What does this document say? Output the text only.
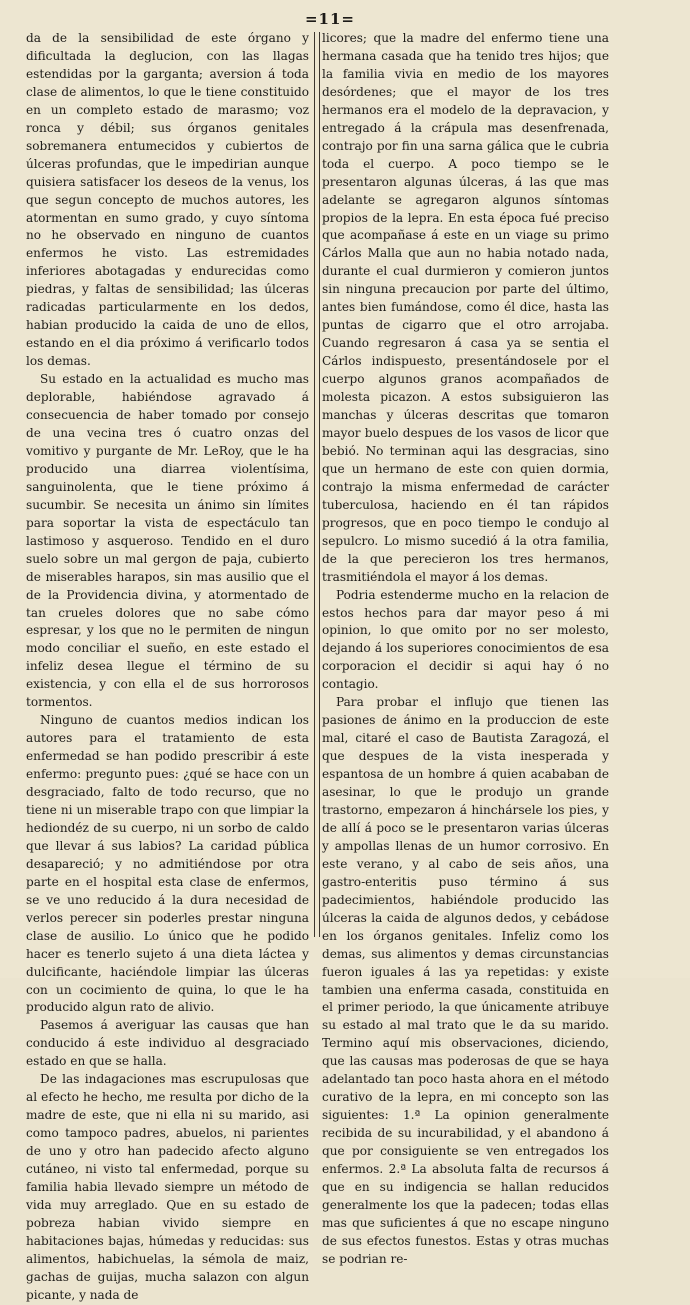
=11=

da de la sensibilidad de este órgano y dificultada la deglucion, con las llagas estendidas por la garganta; aversion á toda clase de alimentos, lo que le tiene constituido en un completo estado de marasmo; voz ronca y débil; sus órganos genitales sobremanera entumecidos y cubiertos de úlceras profundas, que le impedirian aunque quisiera satisfacer los deseos de la venus, los que segun concepto de muchos autores, les atormentan en sumo grado, y cuyo síntoma no he observado en ninguno de cuantos enfermos he visto. Las estremidades inferiores abotagadas y endurecidas como piedras, y faltas de sensibilidad; las úlceras radicadas particularmente en los dedos, habian producido la caida de uno de ellos, estando en el dia próximo á verificarlo todos los demas.

Su estado en la actualidad es mucho mas deplorable, habiéndose agravado á consecuencia de haber tomado por consejo de una vecina tres ó cuatro onzas del vomitivo y purgante de Mr. LeRoy, que le ha producido una diarrea violentísima, sanguinolenta, que le tiene próximo á sucumbir. Se necesita un ánimo sin límites para soportar la vista de espectáculo tan lastimoso y asqueroso. Tendido en el duro suelo sobre un mal gergon de paja, cubierto de miserables harapos, sin mas ausilio que el de la Providencia divina, y atormentado de tan crueles dolores que no sabe cómo espresar, y los que no le permiten de ningun modo conciliar el sueño, en este estado el infeliz desea llegue el término de su existencia, y con ella el de sus horrorosos tormentos.

Ninguno de cuantos medios indican los autores para el tratamiento de esta enfermedad se han podido prescribir á este enfermo: pregunto pues: ¿qué se hace con un desgraciado, falto de todo recurso, que no tiene ni un miserable trapo con que limpiar la hediondéz de su cuerpo, ni un sorbo de caldo que llevar á sus labios? La caridad pública desapareció; y no admitiéndose por otra parte en el hospital esta clase de enfermos, se ve uno reducido á la dura necesidad de verlos perecer sin poderles prestar ninguna clase de ausilio. Lo único que he podido hacer es tenerlo sujeto á una dieta láctea y dulcificante, haciéndole limpiar las úlceras con un cocimiento de quina, lo que le ha producido algun rato de alivio.

Pasemos á averiguar las causas que han conducido á este individuo al desgraciado estado en que se halla.

De las indagaciones mas escrupulosas que al efecto he hecho, me resulta por dicho de la madre de este, que ni ella ni su marido, asi como tampoco padres, abuelos, ni parientes de uno y otro han padecido afecto alguno cutáneo, ni visto tal enfermedad, porque su familia habia llevado siempre un método de vida muy arreglado. Que en su estado de pobreza habian vivido siempre en habitaciones bajas, húmedas y reducidas: sus alimentos, habichuelas, la sémola de maiz, gachas de guijas, mucha salazon con algun picante, y nada de

licores; que la madre del enfermo tiene una hermana casada que ha tenido tres hijos; que la familia vivia en medio de los mayores desórdenes; que el mayor de los tres hermanos era el modelo de la depravacion, y entregado á la crápula mas desenfrenada, contrajo por fin una sarna gálica que le cubria toda el cuerpo. A poco tiempo se le presentaron algunas úlceras, á las que mas adelante se agregaron algunos síntomas propios de la lepra. En esta época fué preciso que acompañase á este en un viage su primo Cárlos Malla que aun no habia notado nada, durante el cual durmieron y comieron juntos sin ninguna precaucion por parte del último, antes bien fumándose, como él dice, hasta las puntas de cigarro que el otro arrojaba. Cuando regresaron á casa ya se sentia el Cárlos indispuesto, presentándosele por el cuerpo algunos granos acompañados de molesta picazon. A estos subsiguieron las manchas y úlceras descritas que tomaron mayor buelo despues de los vasos de licor que bebió. No terminan aqui las desgracias, sino que un hermano de este con quien dormia, contrajo la misma enfermedad de carácter tuberculosa, haciendo en él tan rápidos progresos, que en poco tiempo le condujo al sepulcro. Lo mismo sucedió á la otra familia, de la que perecieron los tres hermanos, trasmitiéndola el mayor á los demas.

Podria estenderme mucho en la relacion de estos hechos para dar mayor peso á mi opinion, lo que omito por no ser molesto, dejando á los superiores conocimientos de esa corporacion el decidir si aqui hay ó no contagio.

Para probar el influjo que tienen las pasiones de ánimo en la produccion de este mal, citaré el caso de Bautista Zaragozá, el que despues de la vista inesperada y espantosa de un hombre á quien acababan de asesinar, lo que le produjo un grande trastorno, empezaron á hinchársele los pies, y de allí á poco se le presentaron varias úlceras y ampollas llenas de un humor corrosivo. En este verano, y al cabo de seis años, una gastro-enteritis puso término á sus padecimientos, habiéndole producido las úlceras la caida de algunos dedos, y cebádose en los órganos genitales. Infeliz como los demas, sus alimentos y demas circunstancias fueron iguales á las ya repetidas: y existe tambien una enferma casada, constituida en el primer periodo, la que únicamente atribuye su estado al mal trato que le da su marido. Termino aquí mis observaciones, diciendo, que las causas mas poderosas de que se haya adelantado tan poco hasta ahora en el método curativo de la lepra, en mi concepto son las siguientes: 1.ª La opinion generalmente recibida de su incurabilidad, y el abandono á que por consiguiente se ven entregados los enfermos. 2.ª La absoluta falta de recursos á que en su indigencia se hallan reducidos generalmente los que la padecen; todas ellas mas que suficientes á que no escape ninguno de sus efectos funestos. Estas y otras muchas se podrian re-
